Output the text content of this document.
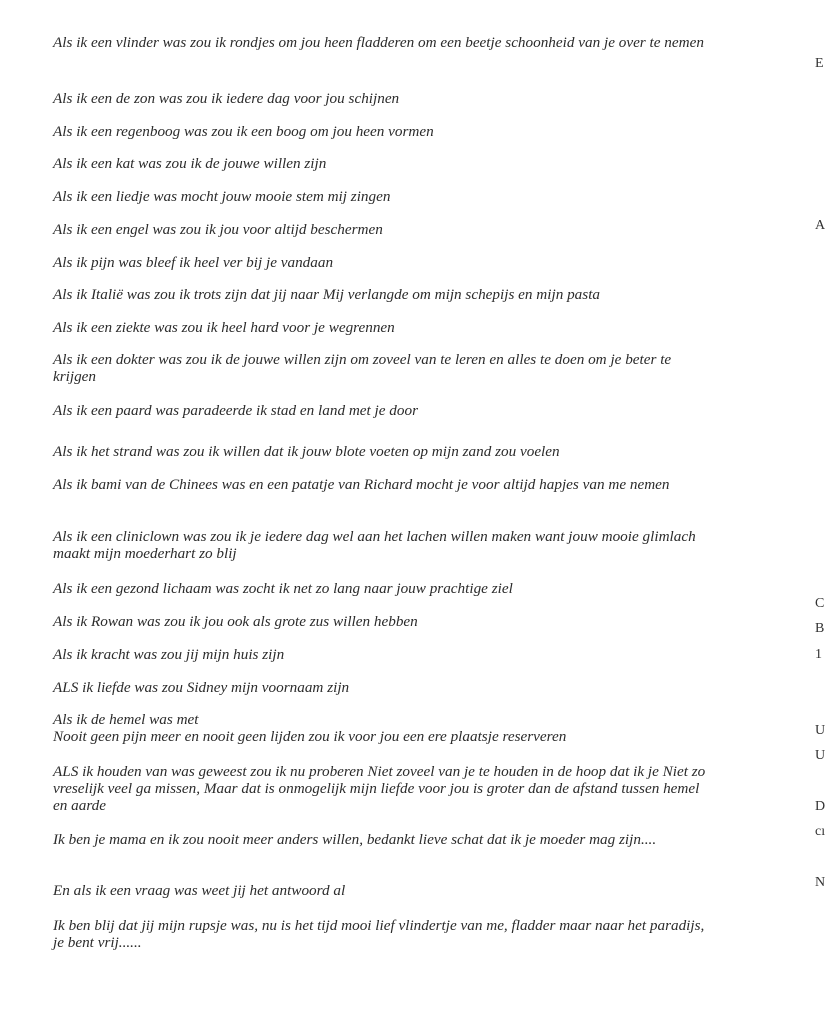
Als ik een vlinder was zou ik rondjes om jou heen fladderen om een beetje schoonheid van je over te nemen
Als ik een de zon was zou ik iedere dag voor jou schijnen
Als ik een regenboog was zou ik een boog om jou heen vormen
Als ik een kat was zou ik de jouwe willen zijn
Als ik een liedje was mocht jouw mooie stem mij zingen
Als ik een engel was zou ik jou voor altijd beschermen
Als ik pijn was bleef ik heel ver bij je vandaan
Als ik Italië was zou ik trots zijn dat jij naar Mij verlangde om mijn schepijs en mijn pasta
Als ik een ziekte was zou ik heel hard voor je wegrennen
Als ik een dokter was zou ik de jouwe willen zijn om zoveel van te leren en alles te doen om je beter te krijgen
Als ik een paard was paradeerde ik stad en land met je door
Als ik het strand was zou ik willen dat ik jouw blote voeten op mijn zand zou voelen
Als ik bami van de Chinees was en een patatje van Richard mocht je voor altijd hapjes van me nemen
Als ik een cliniclown was zou ik je iedere dag wel aan het lachen willen maken want jouw mooie glimlach maakt mijn moederhart zo blij
Als ik een gezond lichaam was zocht ik net zo lang naar jouw prachtige ziel
Als ik Rowan was zou ik jou ook als grote zus willen hebben
Als ik kracht was zou jij mijn huis zijn
ALS ik liefde was zou Sidney mijn voornaam zijn
Als ik de hemel was met
Nooit geen pijn meer en nooit geen lijden zou ik voor jou een ere plaatsje reserveren
ALS ik houden van was geweest zou ik nu proberen Niet zoveel van je te houden in de hoop dat ik je Niet zo vreselijk veel ga missen, Maar dat is onmogelijk mijn liefde voor jou is groter dan de afstand tussen hemel en aarde
Ik ben je mama en ik zou nooit meer anders willen, bedankt lieve schat dat ik je moeder mag zijn....
En als ik een vraag was weet jij het antwoord al
Ik ben blij dat jij mijn rupsje was, nu is het tijd mooi lief vlindertje van me, fladder maar naar het paradijs, je bent vrij......
E
A
C
B
1
U
U
D
cı
N
